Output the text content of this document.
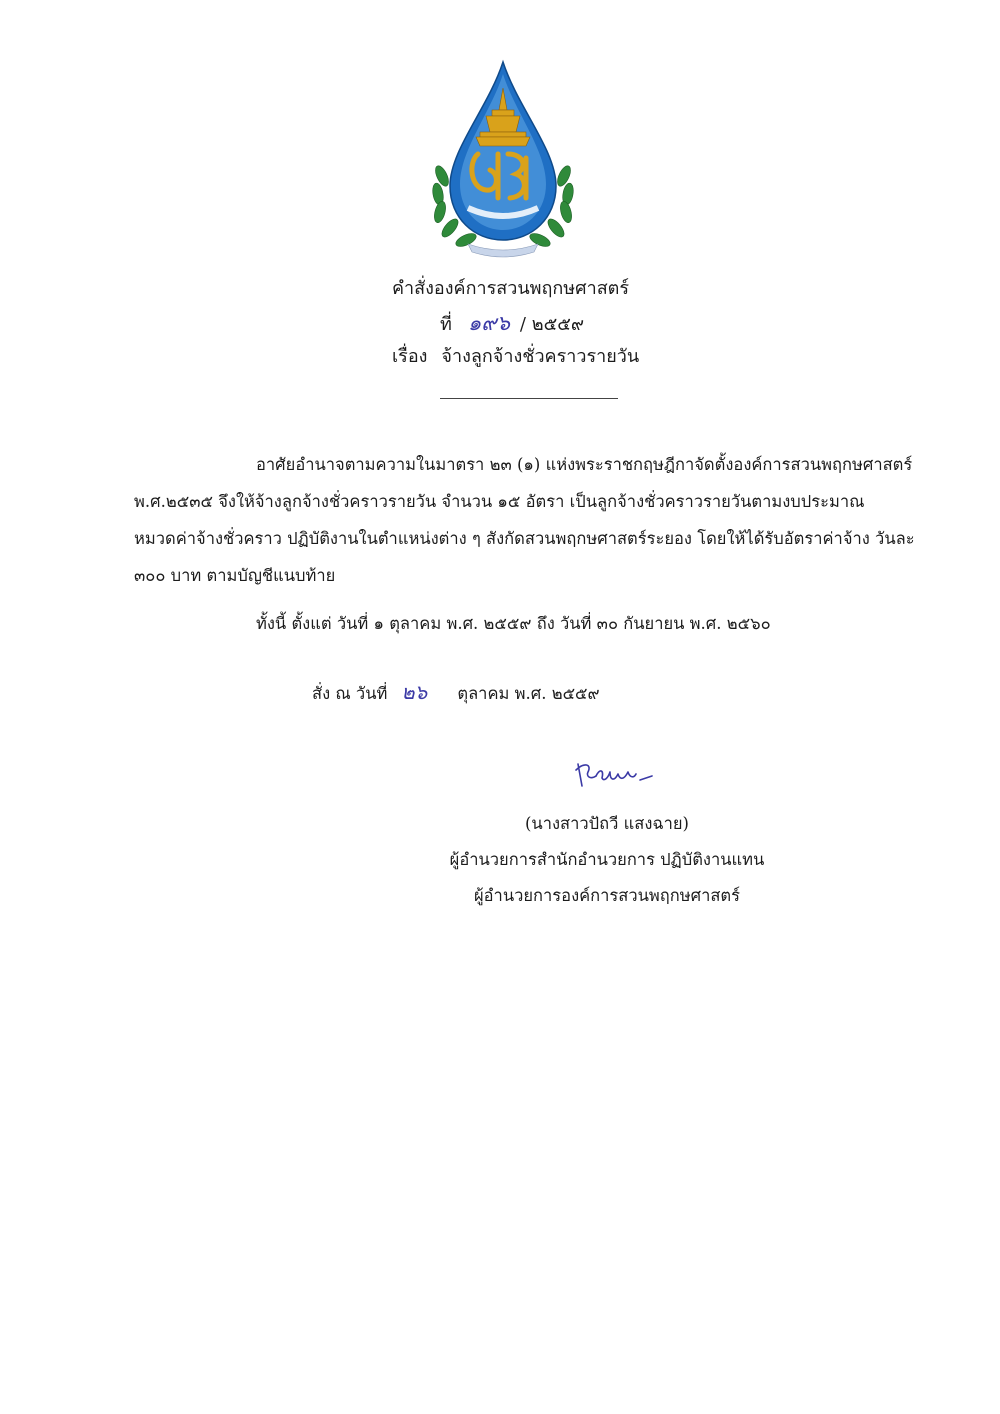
คำสั่งองค์การสวนพฤกษศาสตร์
ที่ ๑๙๖ / ๒๕๕๙
เรื่อง จ้างลูกจ้างชั่วคราวรายวัน
อาศัยอำนาจตามความในมาตรา ๒๓ (๑) แห่งพระราชกฤษฎีกาจัดตั้งองค์การสวนพฤกษศาสตร์
พ.ศ.๒๕๓๕ จึงให้จ้างลูกจ้างชั่วคราวรายวัน จำนวน ๑๕ อัตรา เป็นลูกจ้างชั่วคราวรายวันตามงบประมาณ
หมวดค่าจ้างชั่วคราว ปฏิบัติงานในตำแหน่งต่าง ๆ สังกัดสวนพฤกษศาสตร์ระยอง โดยให้ได้รับอัตราค่าจ้าง วันละ
๓๐๐ บาท ตามบัญชีแนบท้าย
ทั้งนี้ ตั้งแต่ วันที่ ๑ ตุลาคม พ.ศ. ๒๕๕๙ ถึง วันที่ ๓๐ กันยายน พ.ศ. ๒๕๖๐
สั่ง ณ วันที่ ๒๖ ตุลาคม พ.ศ. ๒๕๕๙
(นางสาวปัถวี แสงฉาย)
ผู้อำนวยการสำนักอำนวยการ ปฏิบัติงานแทน
ผู้อำนวยการองค์การสวนพฤกษศาสตร์
